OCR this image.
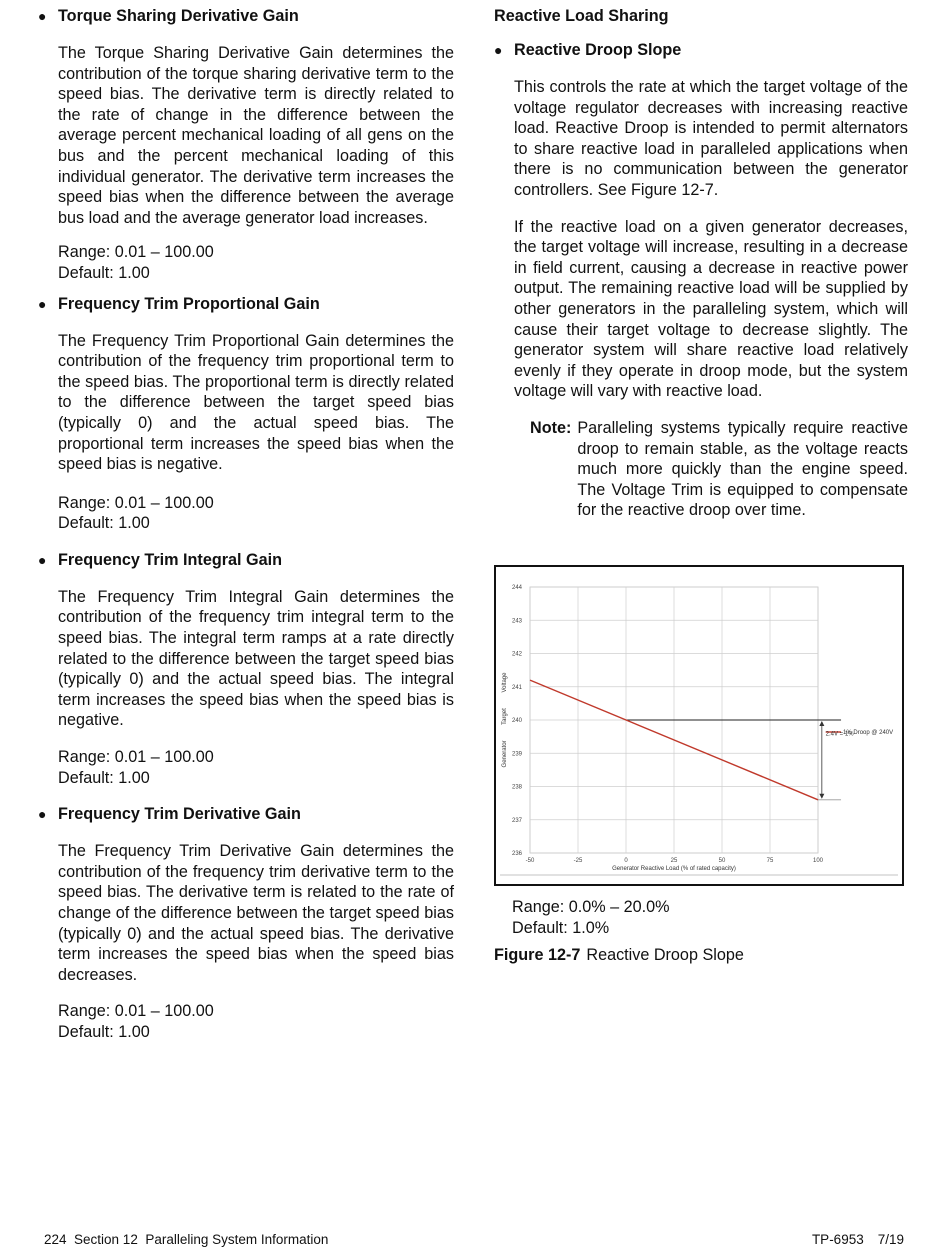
● Torque Sharing Derivative Gain

The Torque Sharing Derivative Gain determines the contribution of the torque sharing derivative term to the speed bias. The derivative term is directly related to the rate of change in the difference between the average percent mechanical loading of all gens on the bus and the percent mechanical loading of this individual generator. The derivative term increases the speed bias when the difference between the average bus load and the average generator load increases.

Range: 0.01 – 100.00
Default: 1.00
● Frequency Trim Proportional Gain

The Frequency Trim Proportional Gain determines the contribution of the frequency trim proportional term to the speed bias. The proportional term is directly related to the difference between the target speed bias (typically 0) and the actual speed bias. The proportional term increases the speed bias when the speed bias is negative.

Range: 0.01 – 100.00
Default: 1.00
● Frequency Trim Integral Gain

The Frequency Trim Integral Gain determines the contribution of the frequency trim integral term to the speed bias. The integral term ramps at a rate directly related to the difference between the target speed bias (typically 0) and the actual speed bias. The integral term increases the speed bias when the speed bias is negative.

Range: 0.01 – 100.00
Default: 1.00
● Frequency Trim Derivative Gain

The Frequency Trim Derivative Gain determines the contribution of the frequency trim derivative term to the speed bias. The derivative term is related to the rate of change of the difference between the target speed bias (typically 0) and the actual speed bias. The derivative term increases the speed bias when the speed bias decreases.

Range: 0.01 – 100.00
Default: 1.00
Reactive Load Sharing
● Reactive Droop Slope

This controls the rate at which the target voltage of the voltage regulator decreases with increasing reactive load. Reactive Droop is intended to permit alternators to share reactive load in paralleled applications when there is no communication between the generator controllers. See Figure 12-7.

If the reactive load on a given generator decreases, the target voltage will increase, resulting in a decrease in field current, causing a decrease in reactive power output. The remaining reactive load will be supplied by other generators in the paralleling system, which will cause their target voltage to decrease slightly. The generator system will share reactive load relatively evenly if they operate in droop mode, but the system voltage will vary with reactive load.

Note: Paralleling systems typically require reactive droop to remain stable, as the voltage reacts much more quickly than the engine speed. The Voltage Trim is equipped to compensate for the reactive droop over time.
-50	-25	0	25	50	75	100
236
237
238
239
240
241
242
243
244
1% Droop @ 240V
2.4V = 1%
Generator Reactive Load (% of rated capacity)
Generator Target Voltage
Range: 0.0% – 20.0%
Default: 1.0%
Figure 12-7 Reactive Droop Slope
224  Section 12  Paralleling System Information	TP-6953 7/19
